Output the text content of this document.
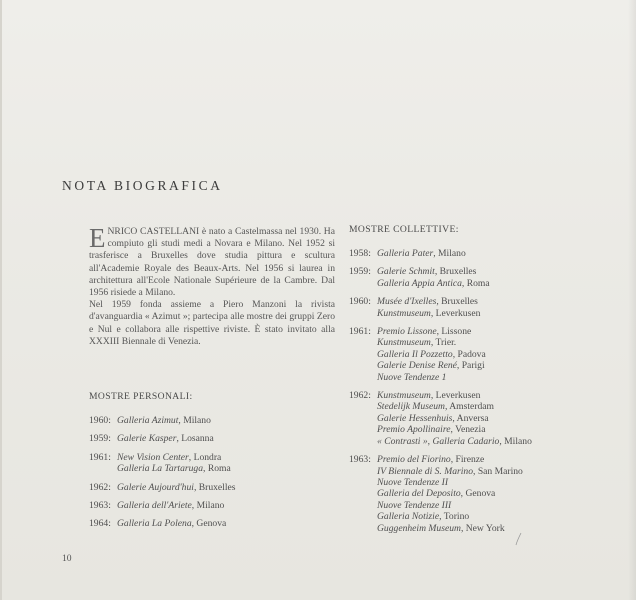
NOTA BIOGRAFICA

ENRICO CASTELLANI è nato a Castelmassa nel 1930. Ha compiuto gli studi medi a Novara e Milano. Nel 1952 si trasferisce a Bruxelles dove studia pittura e scultura all'Academie Royale des Beaux-Arts. Nel 1956 si laurea in architettura all'Ecole Nationale Supérieure de la Cambre. Dal 1956 risiede a Milano.

Nel 1959 fonda assieme a Piero Manzoni la rivista d'avanguardia « Azimut »; partecipa alle mostre dei gruppi Zero e Nul e collabora alle rispettive riviste. È stato invitato alla XXXIII Biennale di Venezia.

MOSTRE PERSONALI:
1960: Galleria Azimut, Milano
1959: Galerie Kasper, Losanna
1961: New Vision Center, Londra
Galleria La Tartaruga, Roma
1962: Galerie Aujourd'hui, Bruxelles
1963: Galleria dell'Ariete, Milano
1964: Galleria La Polena, Genova
MOSTRE COLLETTIVE:
1958: Galleria Pater, Milano
1959: Galerie Schmit, Bruxelles
Galleria Appia Antica, Roma
1960: Musée d'Ixelles, Bruxelles
Kunstmuseum, Leverkusen
1961: Premio Lissone, Lissone
Kunstmuseum, Trier.
Galleria Il Pozzetto, Padova
Galerie Denise René, Parigi
Nuove Tendenze 1
1962: Kunstmuseum, Leverkusen
Stedelijk Museum, Amsterdam
Galerie Hessenhuis, Anversa
Premio Apollinaire, Venezia
« Contrasti », Galleria Cadario, Milano
1963: Premio del Fiorino, Firenze
IV Biennale di S. Marino, San Marino
Nuove Tendenze II
Galleria del Deposito, Genova
Nuove Tendenze III
Galleria Notizie, Torino
Guggenheim Museum, New York
10
